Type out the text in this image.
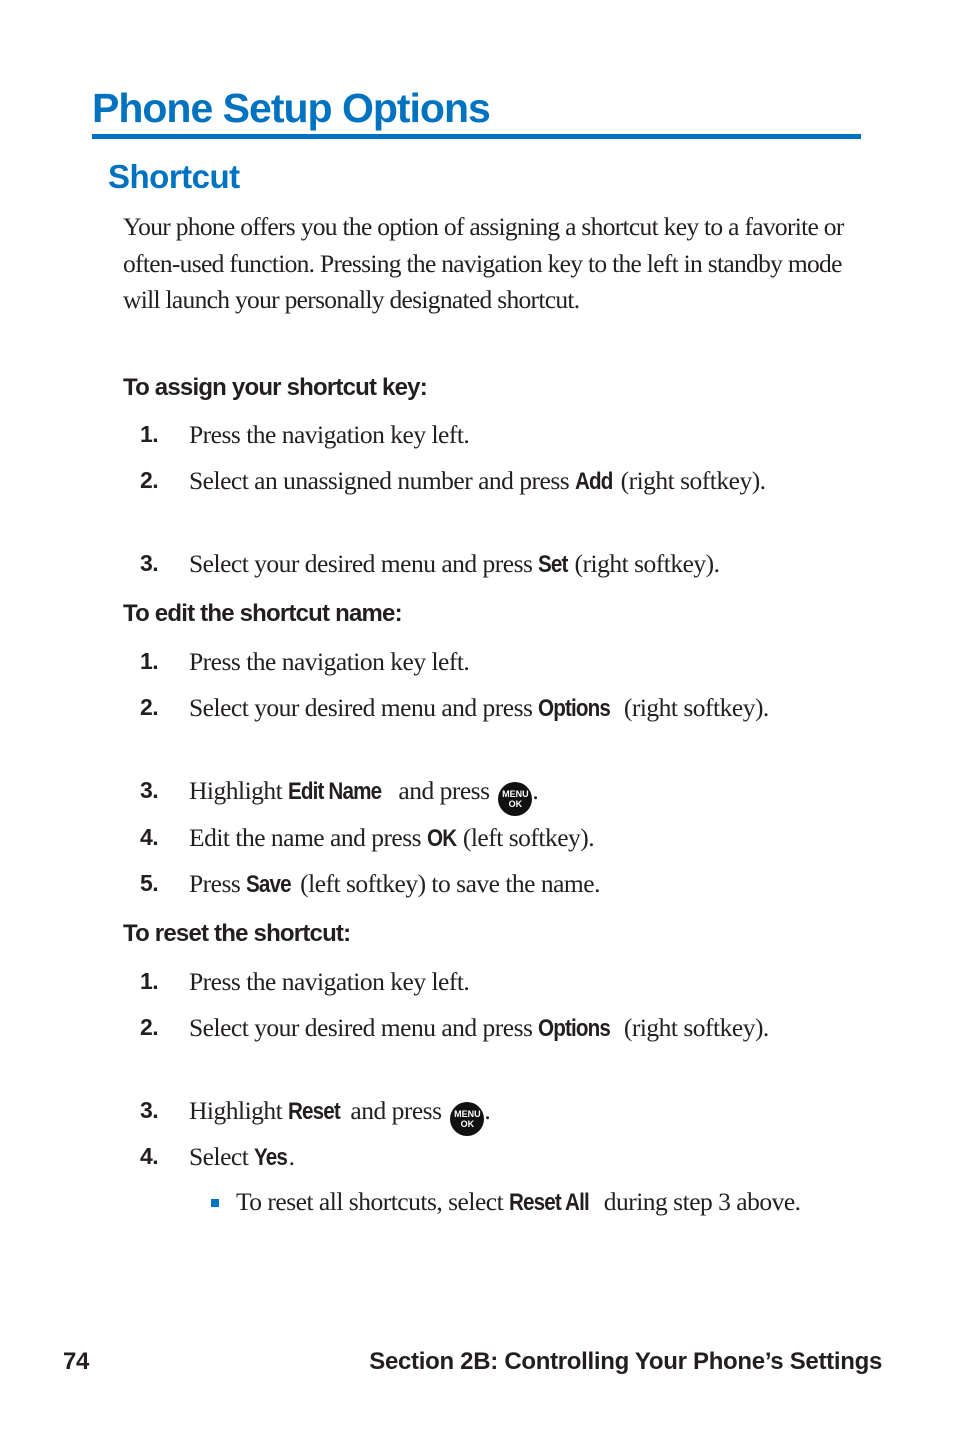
Phone Setup Options
Shortcut

Your phone offers you the option of assigning a shortcut key to a favorite or often-used function. Pressing the navigation key to the left in standby mode will launch your personally designated shortcut.

To assign your shortcut key:
1. Press the navigation key left.
2. Select an unassigned number and press Add (right softkey).
3. Select your desired menu and press Set (right softkey).
To edit the shortcut name:
1. Press the navigation key left.
2. Select your desired menu and press Options (right softkey).
3. Highlight Edit Name and press MENU
OK .
4. Edit the name and press OK (left softkey).
5. Press Save (left softkey) to save the name.
To reset the shortcut:
1. Press the navigation key left.
2. Select your desired menu and press Options (right softkey).
3. Highlight Reset and press MENU
OK .
4. Select Yes.
To reset all shortcuts, select Reset All during step 3 above.
74	Section 2B: Controlling Your Phone’s Settings
